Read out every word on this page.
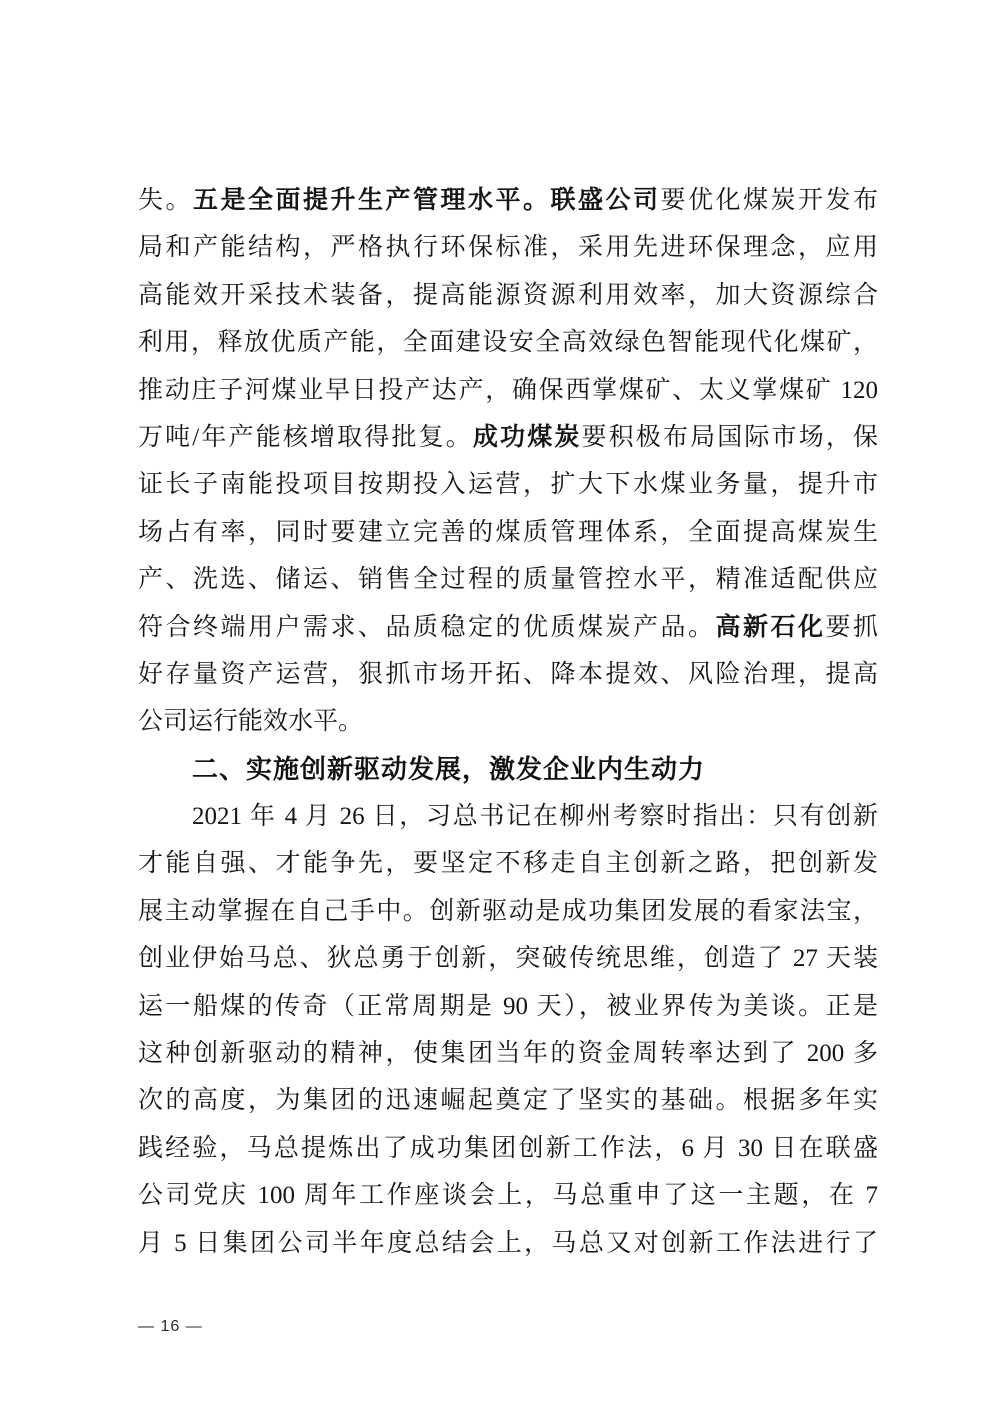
失。五是全面提升生产管理水平。联盛公司要优化煤炭开发布
局和产能结构，严格执行环保标准，采用先进环保理念，应用
高能效开采技术装备，提高能源资源利用效率，加大资源综合
利用，释放优质产能，全面建设安全高效绿色智能现代化煤矿，
推动庄子河煤业早日投产达产，确保西掌煤矿、太义掌煤矿 120
万吨/年产能核增取得批复。成功煤炭要积极布局国际市场，保
证长子南能投项目按期投入运营，扩大下水煤业务量，提升市
场占有率，同时要建立完善的煤质管理体系，全面提高煤炭生
产、洗选、储运、销售全过程的质量管控水平，精准适配供应
符合终端用户需求、品质稳定的优质煤炭产品。高新石化要抓
好存量资产运营，狠抓市场开拓、降本提效、风险治理，提高
公司运行能效水平。
二、实施创新驱动发展，激发企业内生动力
2021 年 4 月 26 日，习总书记在柳州考察时指出：只有创新
才能自强、才能争先，要坚定不移走自主创新之路，把创新发
展主动掌握在自己手中。创新驱动是成功集团发展的看家法宝，
创业伊始马总、狄总勇于创新，突破传统思维，创造了 27 天装
运一船煤的传奇（正常周期是 90 天），被业界传为美谈。正是
这种创新驱动的精神，使集团当年的资金周转率达到了 200 多
次的高度，为集团的迅速崛起奠定了坚实的基础。根据多年实
践经验，马总提炼出了成功集团创新工作法，6 月 30 日在联盛
公司党庆 100 周年工作座谈会上，马总重申了这一主题，在 7
月 5 日集团公司半年度总结会上，马总又对创新工作法进行了
— 16 —
